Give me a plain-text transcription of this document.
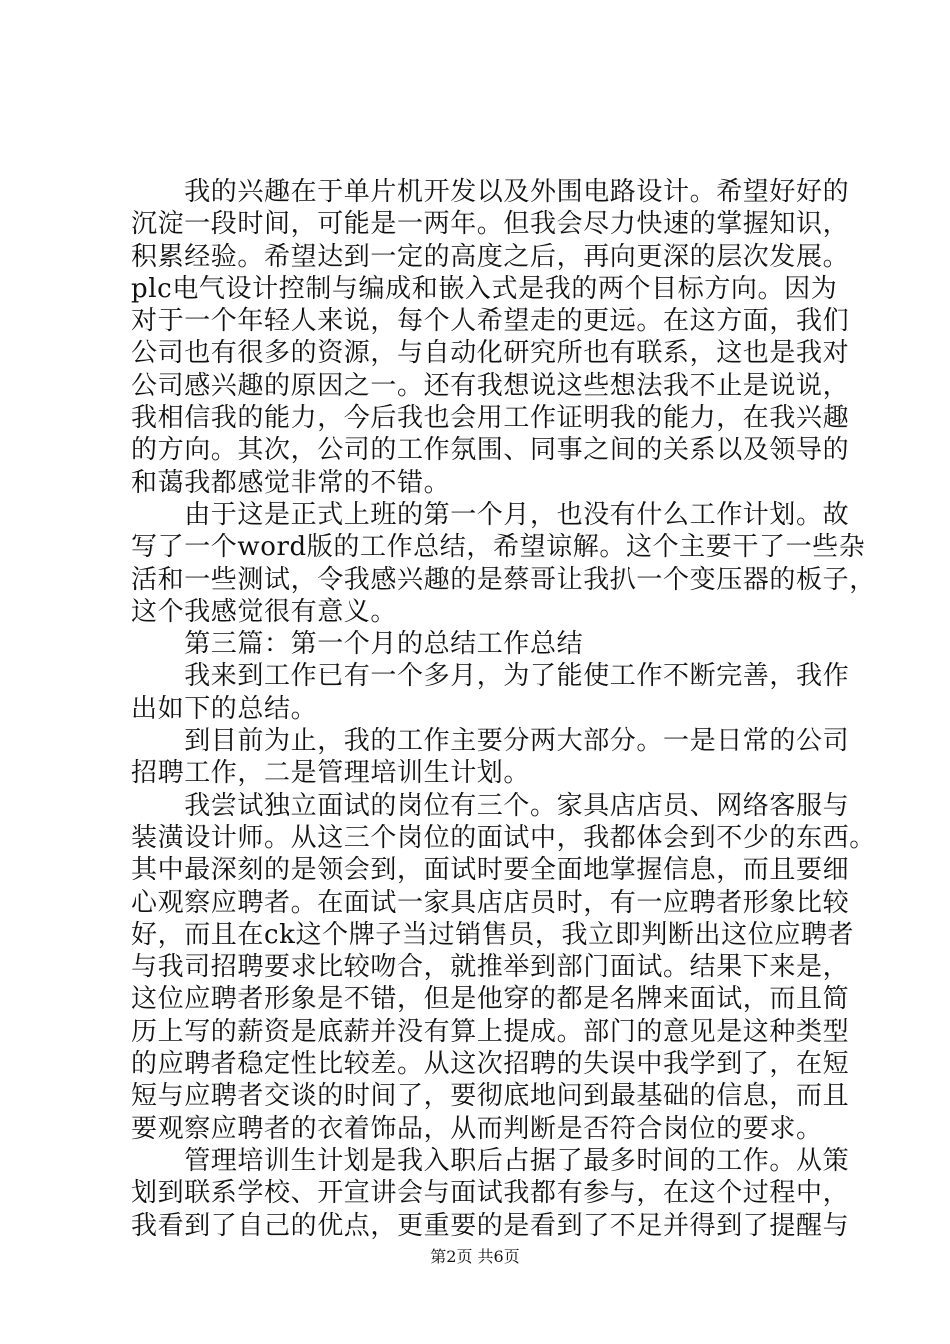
　　我的兴趣在于单片机开发以及外围电路设计。希望好好的
沉淀一段时间，可能是一两年。但我会尽力快速的掌握知识，
积累经验。希望达到一定的高度之后，再向更深的层次发展。
plc电气设计控制与编成和嵌入式是我的两个目标方向。因为
对于一个年轻人来说，每个人希望走的更远。在这方面，我们
公司也有很多的资源，与自动化研究所也有联系，这也是我对
公司感兴趣的原因之一。还有我想说这些想法我不止是说说，
我相信我的能力，今后我也会用工作证明我的能力，在我兴趣
的方向。其次，公司的工作氛围、同事之间的关系以及领导的
和蔼我都感觉非常的不错。
　　由于这是正式上班的第一个月，也没有什么工作计划。故
写了一个word版的工作总结，希望谅解。这个主要干了一些杂
活和一些测试，令我感兴趣的是蔡哥让我扒一个变压器的板子，
这个我感觉很有意义。
　　第三篇：第一个月的总结工作总结
　　我来到工作已有一个多月，为了能使工作不断完善，我作
出如下的总结。
　　到目前为止，我的工作主要分两大部分。一是日常的公司
招聘工作，二是管理培训生计划。
　　我尝试独立面试的岗位有三个。家具店店员、网络客服与
装潢设计师。从这三个岗位的面试中，我都体会到不少的东西。
其中最深刻的是领会到，面试时要全面地掌握信息，而且要细
心观察应聘者。在面试一家具店店员时，有一应聘者形象比较
好，而且在ck这个牌子当过销售员，我立即判断出这位应聘者
与我司招聘要求比较吻合，就推举到部门面试。结果下来是，
这位应聘者形象是不错，但是他穿的都是名牌来面试，而且简
历上写的薪资是底薪并没有算上提成。部门的意见是这种类型
的应聘者稳定性比较差。从这次招聘的失误中我学到了，在短
短与应聘者交谈的时间了，要彻底地问到最基础的信息，而且
要观察应聘者的衣着饰品，从而判断是否符合岗位的要求。
　　管理培训生计划是我入职后占据了最多时间的工作。从策
划到联系学校、开宣讲会与面试我都有参与，在这个过程中，
我看到了自己的优点，更重要的是看到了不足并得到了提醒与
第2页 共6页
